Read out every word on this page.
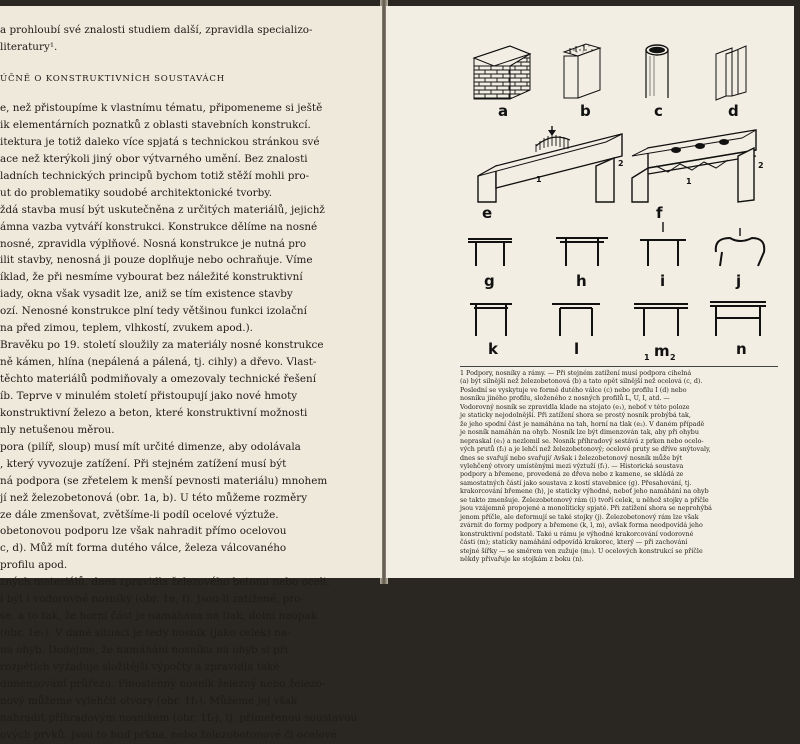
a prohloubí své znalosti studiem další, zpravidla specializo-
literatury¹.
ÚČNĚ O KONSTRUKTIVNÍCH SOUSTAVÁCH
e, než přistoupíme k vlastnímu tématu, připomeneme si ještě
ik elementárních poznatků z oblasti stavebních konstrukcí.
itektura je totiž daleko více spjatá s technickou stránkou své
ace než kterýkoli jiný obor výtvarného umění. Bez znalosti
ladních technických principů bychom totiž stěží mohli pro-
ut do problematiky soudobé architektonické tvorby.
ždá stavba musí být uskutečněna z určitých materiálů, jejichž
ámna vazba vytváří konstrukci. Konstrukce dělíme na nosné
nosné, zpravidla výplňové. Nosná konstrukce je nutná pro
ilit stavby, nenosná ji pouze doplňuje nebo ochraňuje. Víme
íklad, že při nesmíme vybourat bez náležité konstruktivní
iady, okna však vysadit lze, aniž se tím existence stavby
ozí. Nenosné konstrukce plní tedy většinou funkci izolační
na před zimou, teplem, vlhkostí, zvukem apod.).
Bravěku po 19. století sloužily za materiály nosné konstrukce
ně kámen, hlína (nepálená a pálená, tj. cihly) a dřevo. Vlast-
těchto materiálů podmiňovaly a omezovaly technické řešení
íb. Teprve v minulém století přistoupují jako nové hmoty
konstruktivní železo a beton, které konstruktivní možnosti
nly netušenou měrou.
pora (pilíř, sloup) musí mít určité dimenze, aby odolávala
, který vyvozuje zatížení. Při stejném zatížení musí být
ná podpora (se zřetelem k menší pevnosti materiálu) mnohem
jí než železobetonová (obr. 1a, b). U této můžeme rozměry
ze dále zmenšovat, zvětšíme-li podíl ocelové výztuže.
obetonovou podporu lze však nahradit přímo ocelovou
c, d). Můž mít forma dutého válce, železa válcovaného
profilu apod.
zných materiálů, dnes zpravidla železového betonu nebo oceli,
í být i vodorovné nosníky (obr. 1e, f). Jsou-li zatížené, pro-
se, a to tak, že horní část je namáhána na tlak, dolní naopak
(obr. 1e₁). V dané situaci je tedy nosník (jako celek) na-
na ohyb. Dodejme, že namáhání nosníku na ohyb si při
rozpětích vyžaduje složitější výpočty a zpravidla také
dimenzování průřezu. Pinosténný nosník železný nebo železo-
nový můžeme vylehčit otvory (obr. 1f₁). Můžeme jej však
nahradit příhradovým nosníkem (obr. 1f₂), tj. přímeřenou soustavou
ových prvků. Jsou to buď prkna, nebo železobetonové či ocelové
a	b	c	d
e	f
g	h	i	j
k	l	m	n
1
2
1
2
1	2
1 Podpory, nosníky a rámy. — Při stejném zatížení musí podpora cihelná
(a) být silnější než železobetonová (b) a tato opět silnější než ocelová (c, d).
Poslední se vyskytuje ve formě dutého válce (c) nebo profilu I (d) nebo
nosníku jiného profilu, složeného z nosných profilů L, U, I, atd. —
Vodorovný nosník se zpravidla klade na stojato (e₁), neboť v této poloze
je staticky nejodolnější. Při zatížení shora se prostý nosník probýbá tak,
že jeho spodní část je namáhána na tah, horní na tlak (e₂). V daném případě
je nosník namáhán na ohyb. Nosník lze být dimenzován tak, aby při ohybu
nepraskal (e₁) a nezlomil se. Nosník příhradový sestává z prken nebo ocelo-
vých prutů (f₂) a je lehčí než železobetonový; ocelové pruty se dříve snýtovaly,
dnes se svařují nebo svařují/ Avšak i železobetonový nosník může být
vylehčený otvory umístěnými mezi výztuží (f₁). — Historická soustava
podpory a břemene, provedená ze dřeva nebo z kamene, se skládá ze
samostatných částí jako soustava z kostí stavebnice (g). Přesahování, tj.
krakorcování břemene (h), je staticky výhodné, neboť jeho namáhání na ohyb
se takto zmenšuje. Železobetonový rám (i) tvoří celek, u něhož stojky a příčle
jsou vzájemně propojené a monoliticky spjaté. Při zatížení shora se neprohýbá
jenom příčle, ale deformují se také stojky (j). Železobetonový rám lze však
zvárnit do formy podpory a břemene (k, l, m), avšak forma neodpovídá jeho
konstruktivní podstatě. Také u rámu je výhodné krakorcování vodorovné
části (m); staticky namáhání odpovídá krakorec, který — při zachování
stejné šířky — se směrem ven zužuje (m₂). U ocelových konstrukcí se příčle
někdy přivařuje ke stojkám z boku (n).
